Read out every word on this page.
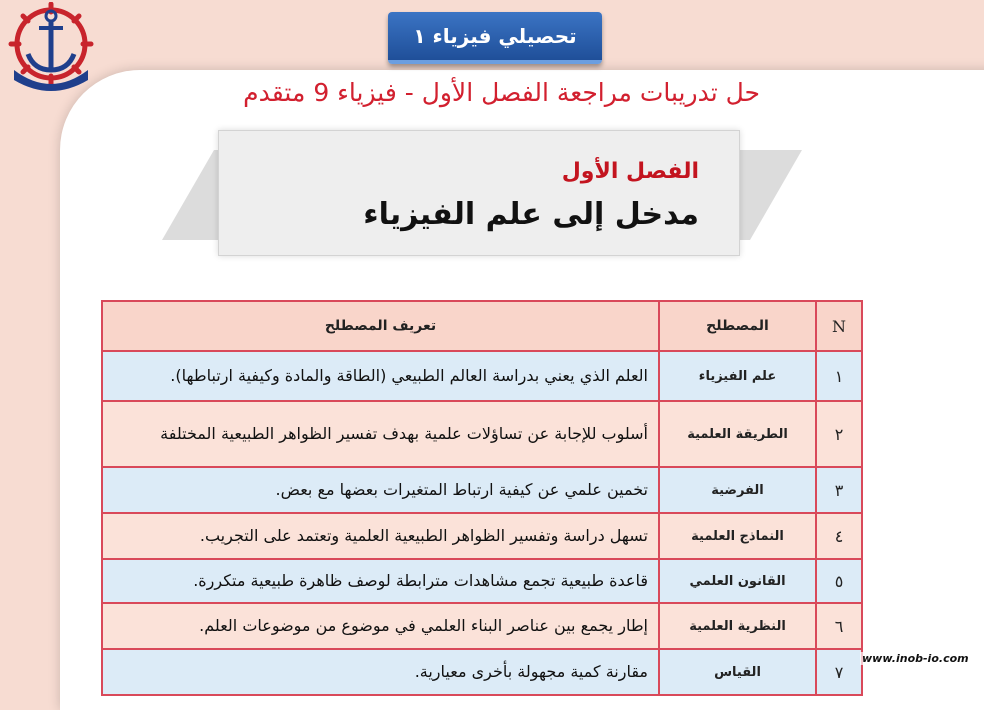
تحصيلي فيزياء ١
حل تدريبات مراجعة الفصل الأول - فيزياء 9 متقدم
الفصل الأول
مدخل إلى علم الفيزياء
N	المصطلح	تعريف المصطلح
١	علم الفيزياء	العلم الذي يعني بدراسة العالم الطبيعي (الطاقة والمادة وكيفية ارتباطها).
٢	الطريقة العلمية	أسلوب للإجابة عن تساؤلات علمية بهدف تفسير الظواهر الطبيعية المختلفة
٣	الفرضية	تخمين علمي عن كيفية ارتباط المتغيرات بعضها مع بعض.
٤	النماذج العلمية	تسهل دراسة وتفسير الظواهر الطبيعية العلمية وتعتمد على التجريب.
٥	القانون العلمي	قاعدة طبيعية تجمع مشاهدات مترابطة لوصف ظاهرة طبيعية متكررة.
٦	النظرية العلمية	إطار يجمع بين عناصر البناء العلمي في موضوع من موضوعات العلم.
٧	القياس	مقارنة كمية مجهولة بأخرى معيارية.
www.inob-io.com
